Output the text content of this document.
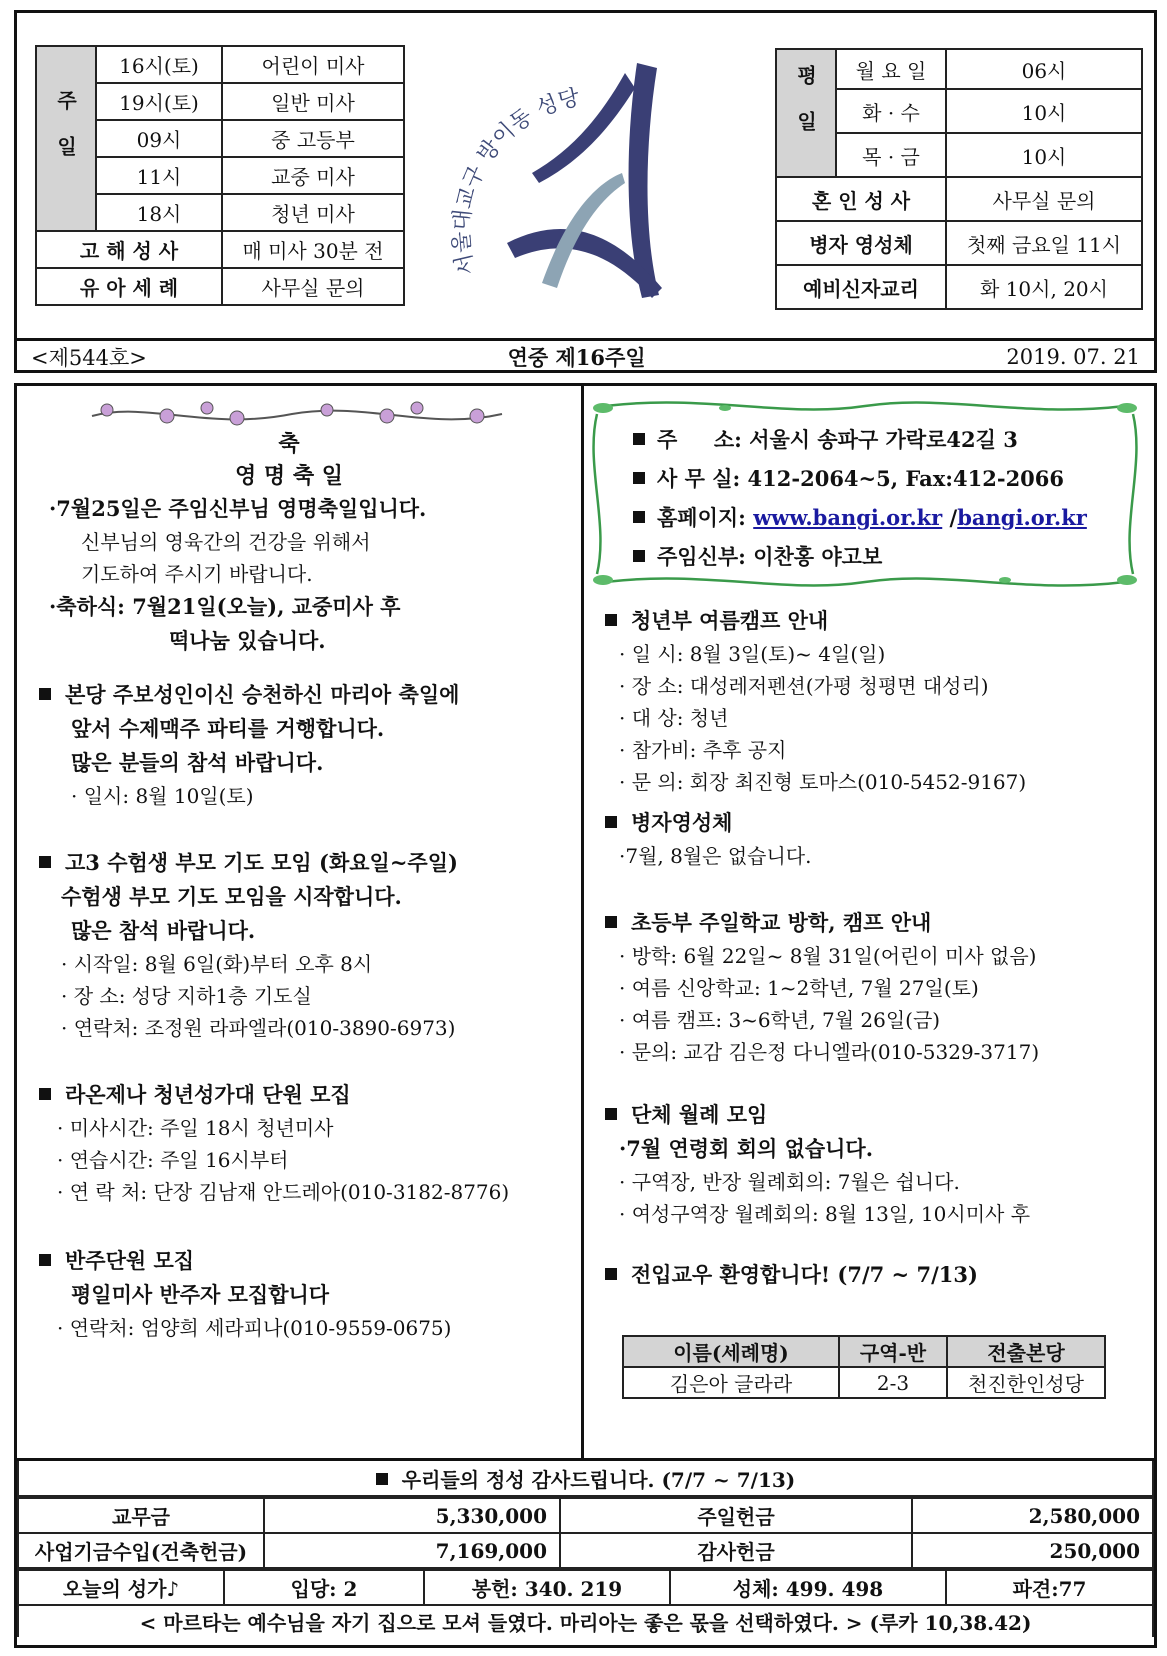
주일	16시(토)	어린이 미사
	19시(토)	일반 미사
	09시	중 고등부
	11시	교중 미사
	18시	청년 미사
고 해 성 사		매 미사 30분 전
유 아 세 례		사무실 문의
서울대교구 방이동 성당	평일	월 요 일	06시
	화 · 수	10시
	목 · 금	10시
혼 인 성 사		사무실 문의
병자 영성체		첫째 금요일 11시
예비신자교리		화 10시, 20시
<제544호>	연중 제16주일	2019. 07. 21
축
영 명 축 일
·7월25일은 주임신부님 영명축일입니다.
신부님의 영육간의 건강을 위해서
기도하여 주시기 바랍니다.
·축하식: 7월21일(오늘), 교중미사 후
떡나눔 있습니다.
본당 주보성인이신 승천하신 마리아 축일에
앞서 수제맥주 파티를 거행합니다.
많은 분들의 참석 바랍니다.
· 일시: 8월 10일(토)
고3 수험생 부모 기도 모임 (화요일~주일)
수험생 부모 기도 모임을 시작합니다.
많은 참석 바랍니다.
· 시작일: 8월 6일(화)부터 오후 8시
· 장 소: 성당 지하1층 기도실
· 연락처: 조정원 라파엘라(010-3890-6973)
라온제나 청년성가대 단원 모집
· 미사시간: 주일 18시 청년미사
· 연습시간: 주일 16시부터
· 연 락 처: 단장 김남재 안드레아(010-3182-8776)
반주단원 모집
평일미사 반주자 모집합니다
· 연락처: 엄양희 세라피나(010-9559-0675)
주     소: 서울시 송파구 가락로42길 3
사 무 실: 412-2064~5, Fax:412-2066
홈페이지: www.bangi.or.kr /bangi.or.kr
주임신부: 이찬홍 야고보
청년부 여름캠프 안내
· 일 시: 8월 3일(토)~ 4일(일)
· 장 소: 대성레저펜션(가평 청평면 대성리)
· 대 상: 청년
· 참가비: 추후 공지
· 문 의: 회장 최진형 토마스(010-5452-9167)
병자영성체
·7월, 8월은 없습니다.
초등부 주일학교 방학, 캠프 안내
· 방학: 6월 22일~ 8월 31일(어린이 미사 없음)
· 여름 신앙학교: 1~2학년, 7월 27일(토)
· 여름 캠프: 3~6학년, 7월 26일(금)
· 문의: 교감 김은정 다니엘라(010-5329-3717)
단체 월례 모임
·7월 연령회 회의 없습니다.
· 구역장, 반장 월례회의: 7월은 쉽니다.
· 여성구역장 월례회의: 8월 13일, 10시미사 후
전입교우 환영합니다! (7/7 ~ 7/13)
이름(세례명)	구역-반	전출본당
김은아 글라라	2-3	천진한인성당
우리들의 정성 감사드립니다. (7/7 ~ 7/13)
교무금	5,330,000	주일헌금	2,580,000
사업기금수입(건축헌금)	7,169,000	감사헌금	250,000
오늘의 성가♪	입당: 2	봉헌: 340. 219	성체: 499. 498	파견:77
< 마르타는 예수님을 자기 집으로 모셔 들였다. 마리아는 좋은 몫을 선택하였다. > (루카 10,38.42)
